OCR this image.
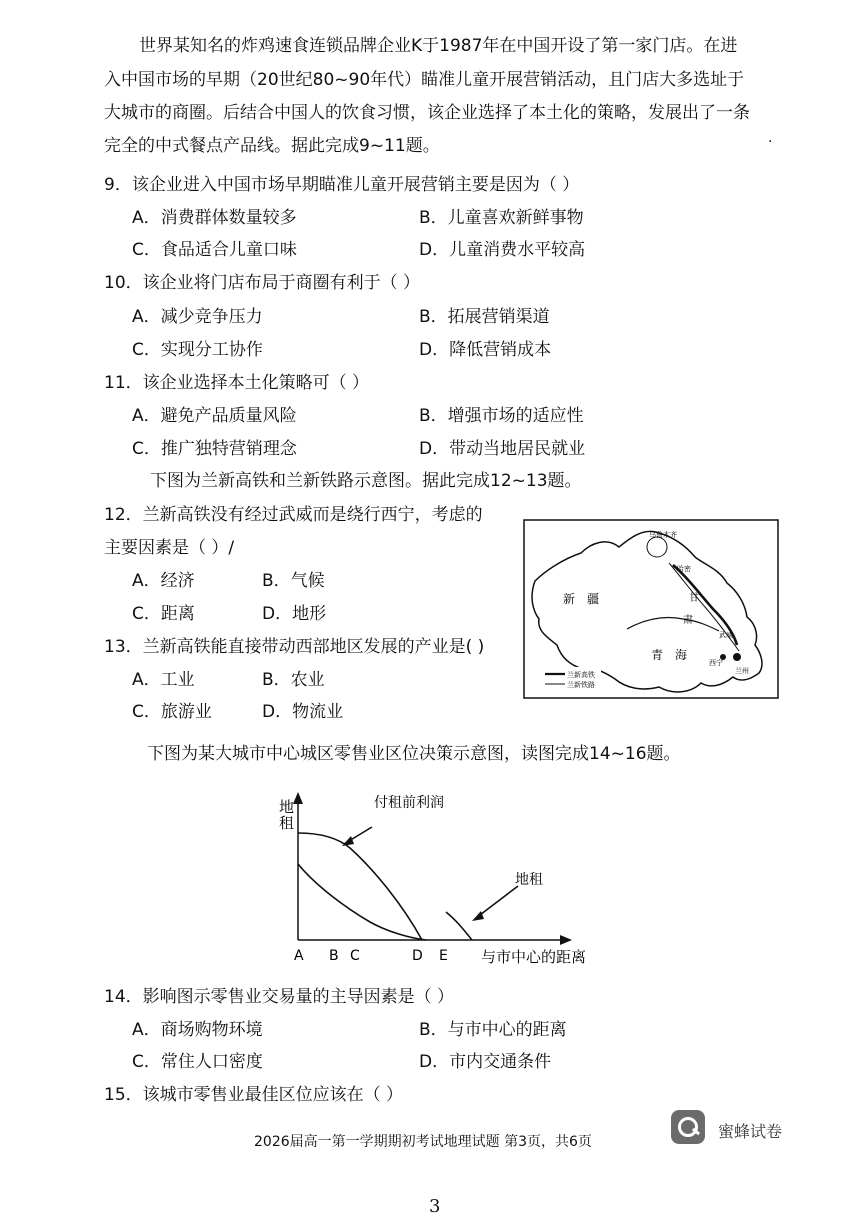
世界某知名的炸鸡速食连锁品牌企业K于1987年在中国开设了第一家门店。在进
入中国市场的早期（20世纪80~90年代）瞄准儿童开展营销活动，且门店大多选址于
大城市的商圈。后结合中国人的饮食习惯，该企业选择了本土化的策略，发展出了一条
完全的中式餐点产品线。据此完成9~11题。	·
9．该企业进入中国市场早期瞄准儿童开展营销主要是因为（ ）
A．消费群体数量较多	B．儿童喜欢新鲜事物
C．食品适合儿童口味	D．儿童消费水平较高
10．该企业将门店布局于商圈有利于（ ）
A．减少竞争压力	B．拓展营销渠道
C．实现分工协作	D．降低营销成本
11．该企业选择本土化策略可（ ）
A．避免产品质量风险	B．增强市场的适应性
C．推广独特营销理念	D．带动当地居民就业
下图为兰新高铁和兰新铁路示意图。据此完成12~13题。
12．兰新高铁没有经过武威而是绕行西宁，考虑的
主要因素是（ ）/
A．经济	B．气候
C．距离	D．地形
13．兰新高铁能直接带动西部地区发展的产业是( )
A．工业	B．农业
C．旅游业	D．物流业
兰新高铁
兰新铁路
乌鲁木齐
哈密
新　疆	甘
肃
武威
青　海
西宁
兰州
下图为某大城市中心城区零售业区位决策示意图，读图完成14~16题。
地
租
付租前利润
地租
A B C	D E 与市中心的距离
14．影响图示零售业交易量的主导因素是（ ）
A．商场购物环境	B．与市中心的距离
C．常住人口密度	D．市内交通条件
15．该城市零售业最佳区位应该在（ ）
2026届高一第一学期期初考试地理试题 第3页，共6页
蜜蜂试卷
3
